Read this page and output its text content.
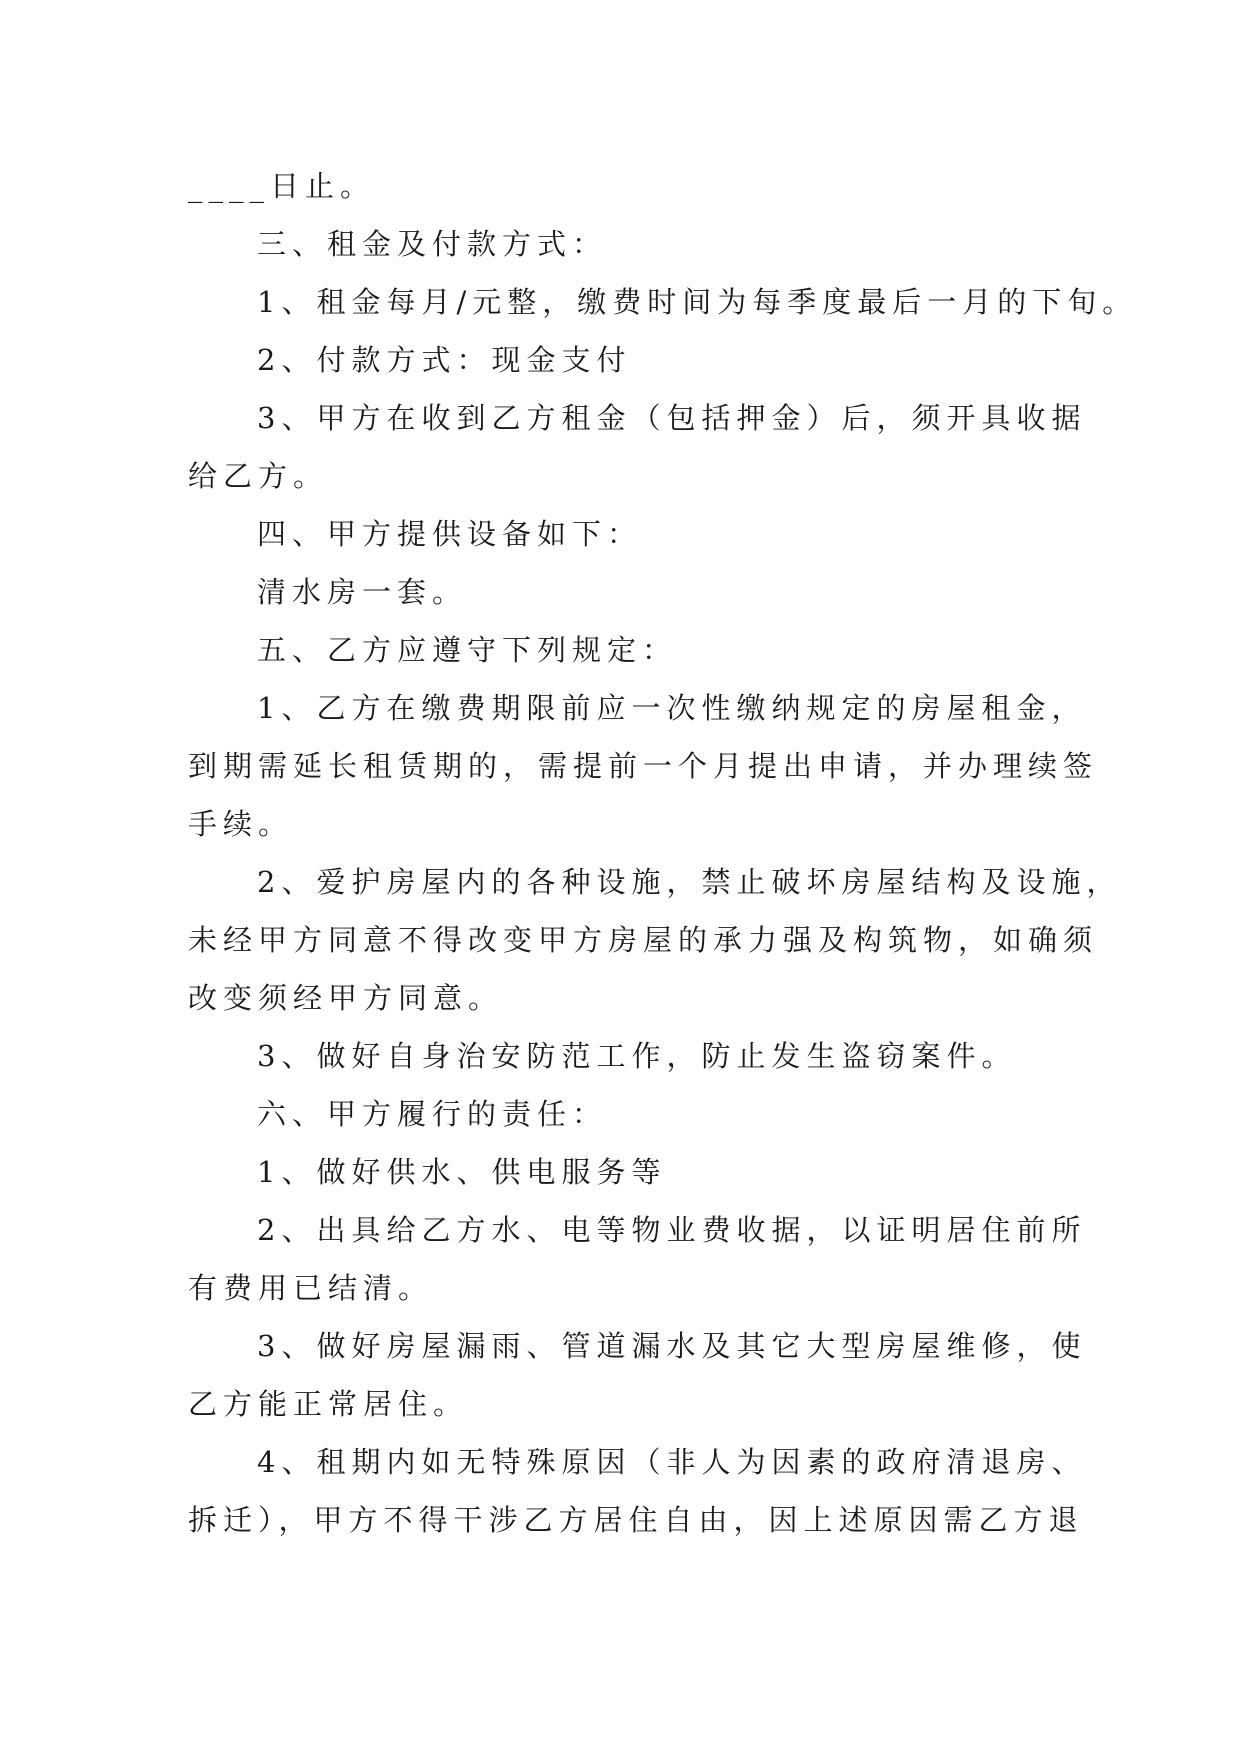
____日止。
三、租金及付款方式：
1、租金每月/元整，缴费时间为每季度最后一月的下旬。
2、付款方式：现金支付
3、甲方在收到乙方租金（包括押金）后，须开具收据
给乙方。
四、甲方提供设备如下：
清水房一套。
五、乙方应遵守下列规定：
1、乙方在缴费期限前应一次性缴纳规定的房屋租金，
到期需延长租赁期的，需提前一个月提出申请，并办理续签
手续。
2、爱护房屋内的各种设施，禁止破坏房屋结构及设施，
未经甲方同意不得改变甲方房屋的承力强及构筑物，如确须
改变须经甲方同意。
3、做好自身治安防范工作，防止发生盗窃案件。
六、甲方履行的责任：
1、做好供水、供电服务等
2、出具给乙方水、电等物业费收据，以证明居住前所
有费用已结清。
3、做好房屋漏雨、管道漏水及其它大型房屋维修，使
乙方能正常居住。
4、租期内如无特殊原因（非人为因素的政府清退房、
拆迁），甲方不得干涉乙方居住自由，因上述原因需乙方退
